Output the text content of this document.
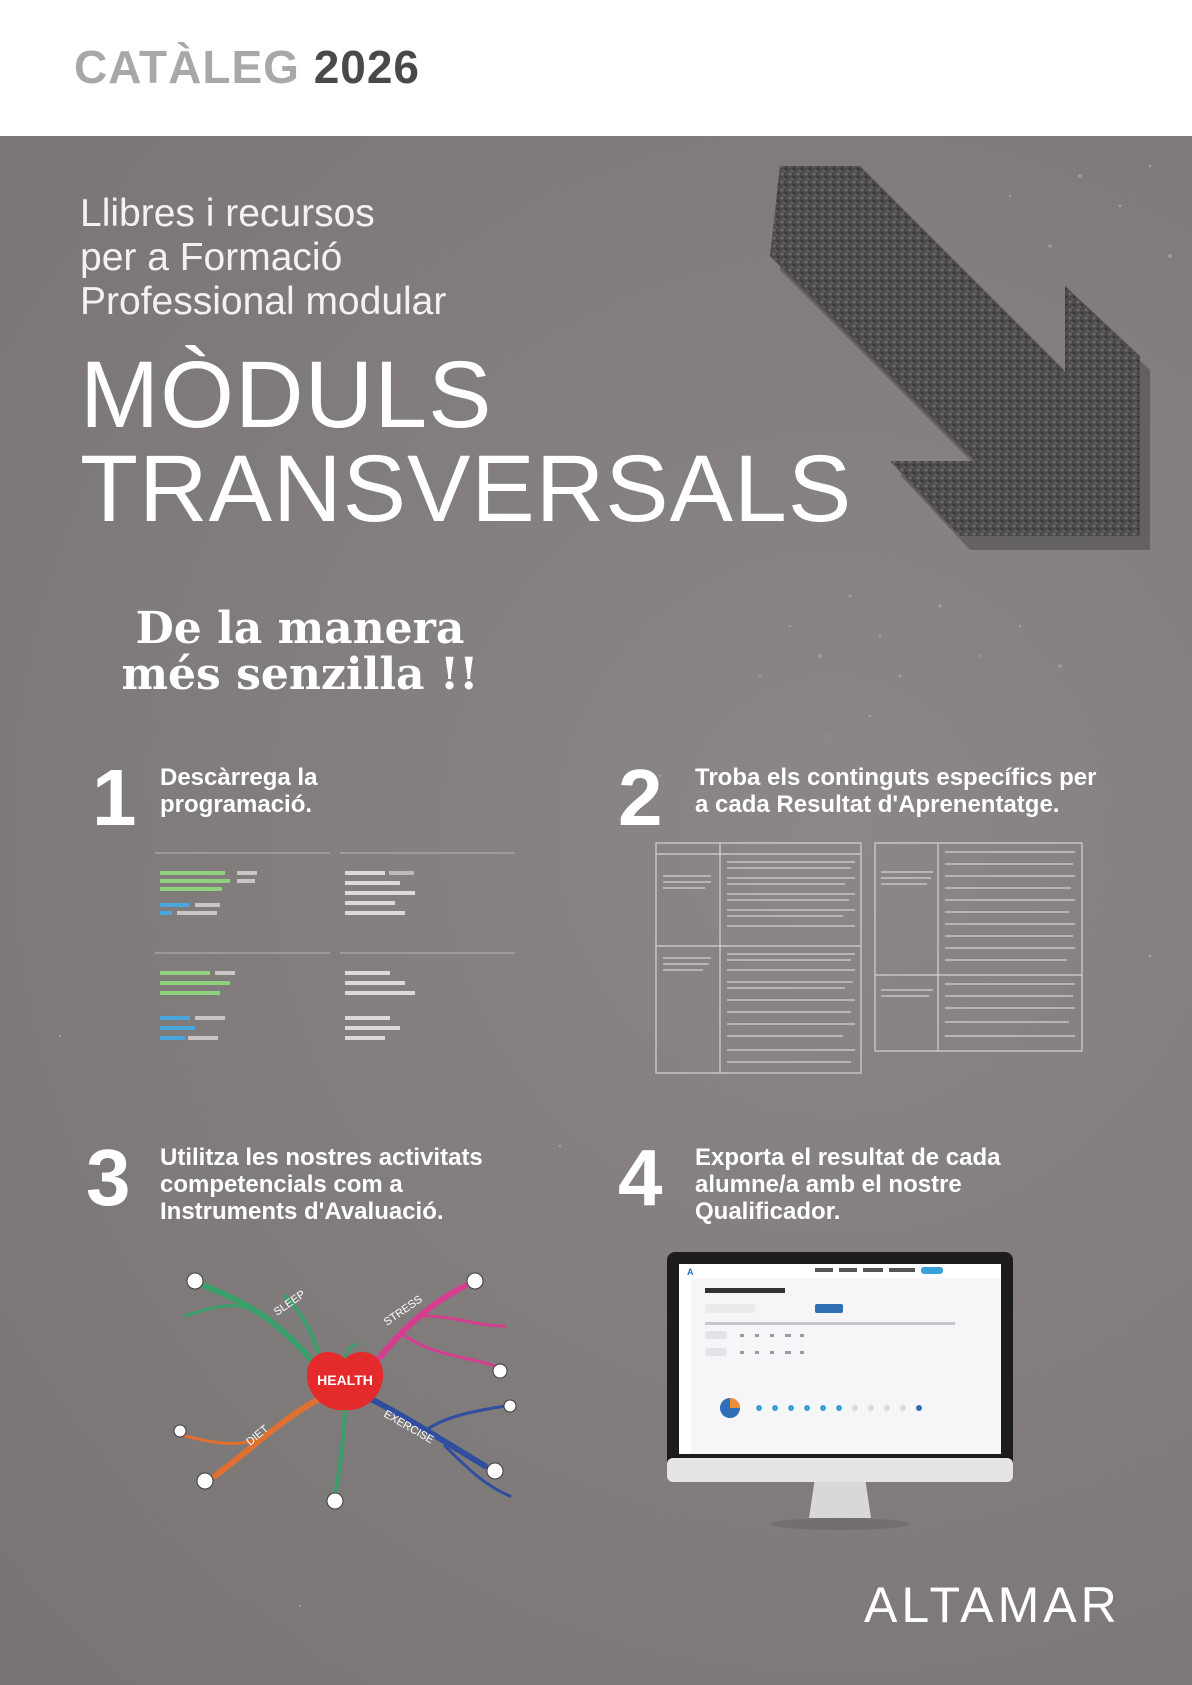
CATÀLEG 2026
Llibres i recursos
per a Formació
Professional modular
MÒDULS
TRANSVERSALS
De la manera
més senzilla !!
1 Descàrrega la
programació.	2 Troba els continguts específics per
a cada Resultat d'Aprenentatge.
3 Utilitza les nostres activitats
competencials com a
Instruments d'Avaluació.
HEALTH
SLEEP	STRESS
DIET	EXERCISE
4 Exporta el resultat de cada
alumne/a amb el nostre
Qualificador.
A
ALTAMAR
